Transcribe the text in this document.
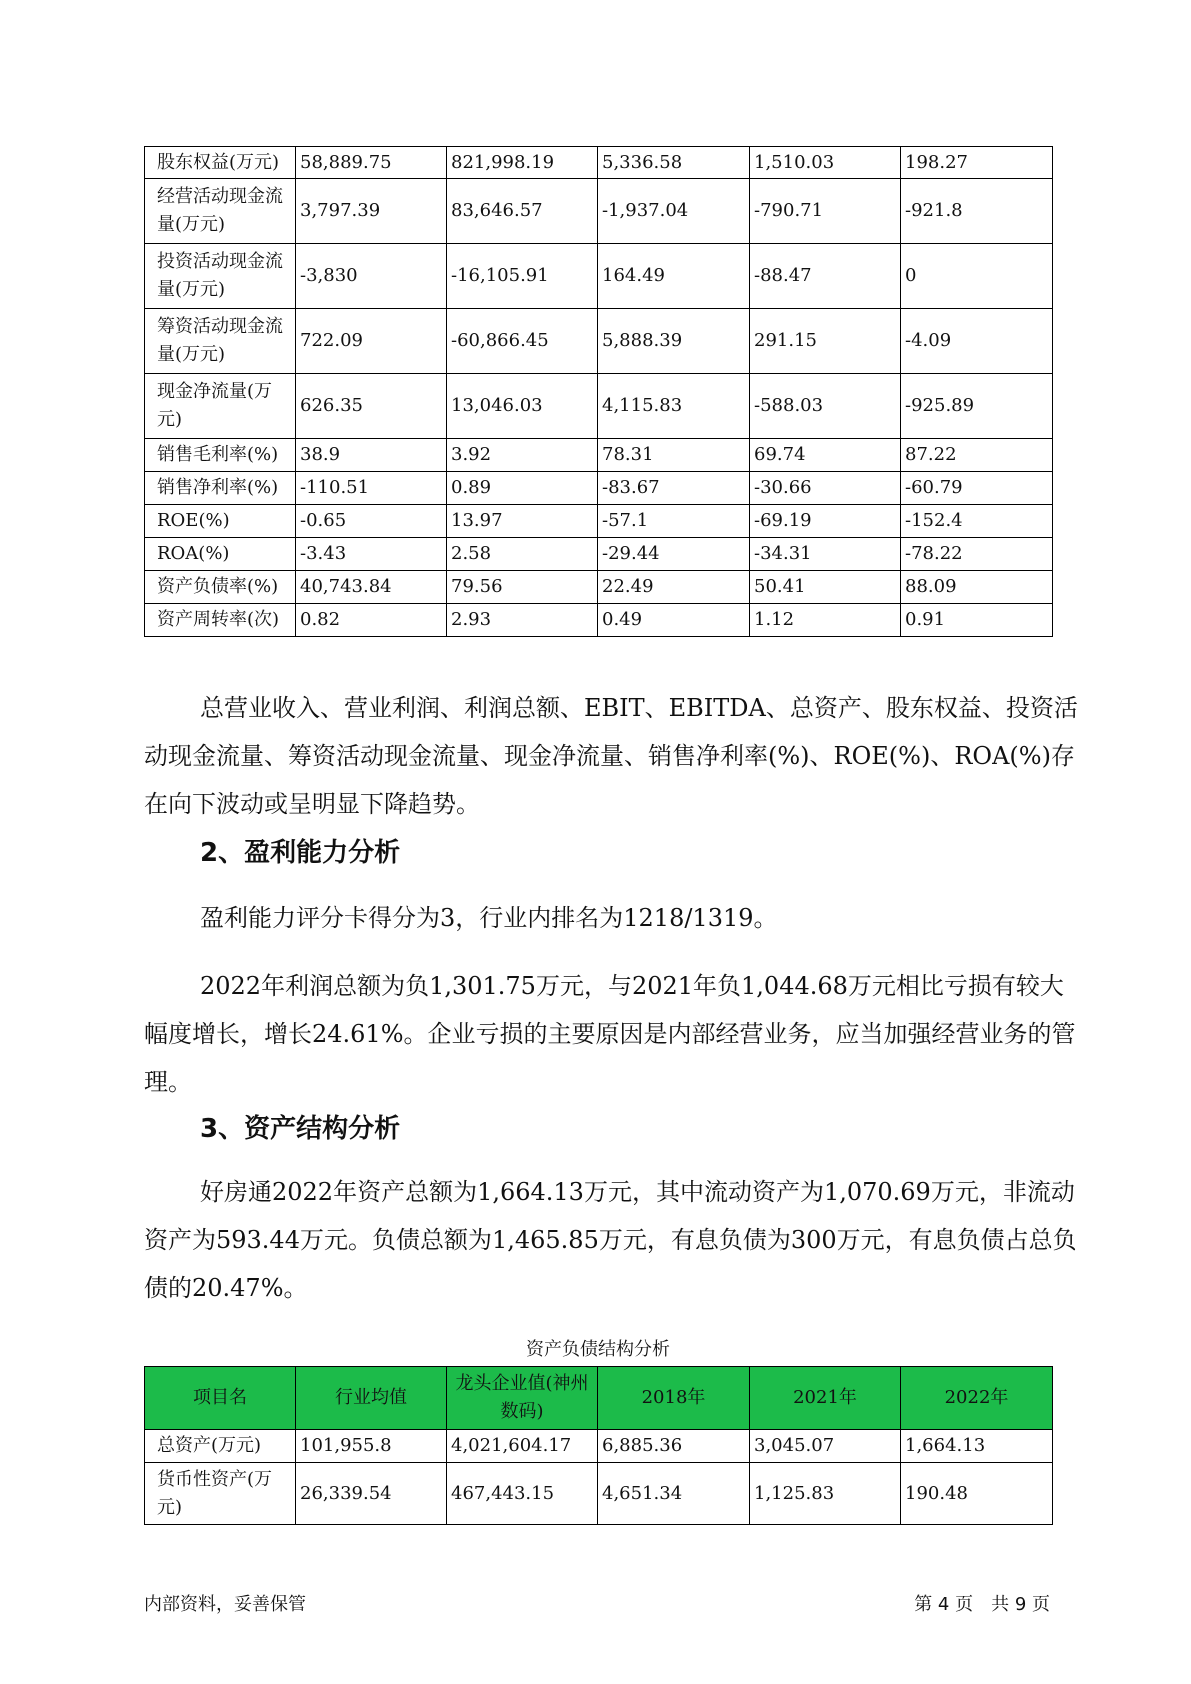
股东权益(万元)	58,889.75	821,998.19	5,336.58	1,510.03	198.27
经营活动现金流量(万元)	3,797.39	83,646.57	-1,937.04	-790.71	-921.8
投资活动现金流量(万元)	-3,830	-16,105.91	164.49	-88.47	0
筹资活动现金流量(万元)	722.09	-60,866.45	5,888.39	291.15	-4.09
现金净流量(万元)	626.35	13,046.03	4,115.83	-588.03	-925.89
销售毛利率(%)	38.9	3.92	78.31	69.74	87.22
销售净利率(%)	-110.51	0.89	-83.67	-30.66	-60.79
ROE(%)	-0.65	13.97	-57.1	-69.19	-152.4
ROA(%)	-3.43	2.58	-29.44	-34.31	-78.22
资产负债率(%)	40,743.84	79.56	22.49	50.41	88.09
资产周转率(次)	0.82	2.93	0.49	1.12	0.91

总营业收入、营业利润、利润总额、EBIT、EBITDA、总资产、股东权益、投资活动现金流量、筹资活动现金流量、现金净流量、销售净利率(%)、ROE(%)、ROA(%)存在向下波动或呈明显下降趋势。

2、盈利能力分析

盈利能力评分卡得分为3，行业内排名为1218/1319。

2022年利润总额为负1,301.75万元，与2021年负1,044.68万元相比亏损有较大幅度增长，增长24.61%。企业亏损的主要原因是内部经营业务，应当加强经营业务的管理。

3、资产结构分析

好房通2022年资产总额为1,664.13万元，其中流动资产为1,070.69万元，非流动资产为593.44万元。负债总额为1,465.85万元，有息负债为300万元，有息负债占总负债的20.47%。

资产负债结构分析
项目名	行业均值	龙头企业值(神州数码)	2018年	2021年	2022年
总资产(万元)	101,955.8	4,021,604.17	6,885.36	3,045.07	1,664.13
货币性资产(万元)	26,339.54	467,443.15	4,651.34	1,125.83	190.48
内部资料，妥善保管	第 4 页　共 9 页
